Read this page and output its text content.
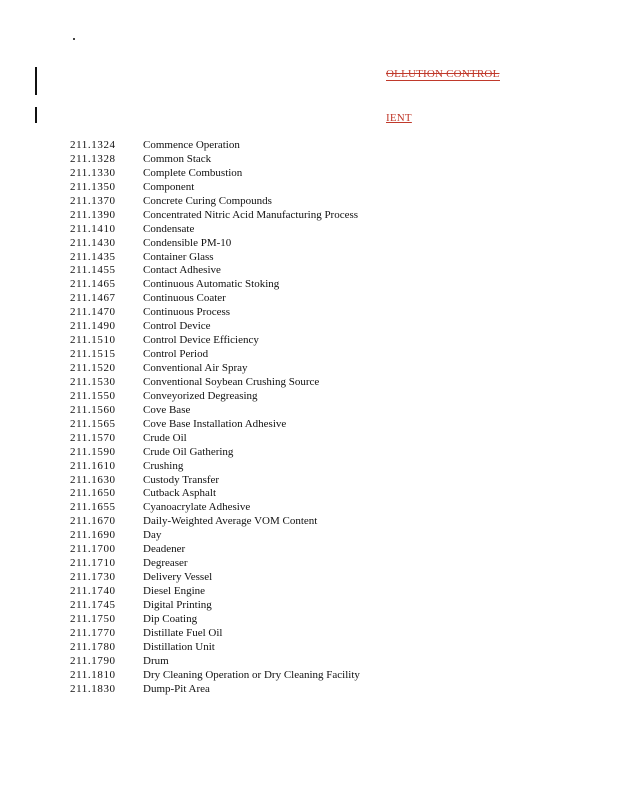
OLLUTION CONTROL
IENT
211.1324	Commence Operation
211.1328	Common Stack
211.1330	Complete Combustion
211.1350	Component
211.1370	Concrete Curing Compounds
211.1390	Concentrated Nitric Acid Manufacturing Process
211.1410	Condensate
211.1430	Condensible PM-10
211.1435	Container Glass
211.1455	Contact Adhesive
211.1465	Continuous Automatic Stoking
211.1467	Continuous Coater
211.1470	Continuous Process
211.1490	Control Device
211.1510	Control Device Efficiency
211.1515	Control Period
211.1520	Conventional Air Spray
211.1530	Conventional Soybean Crushing Source
211.1550	Conveyorized Degreasing
211.1560	Cove Base
211.1565	Cove Base Installation Adhesive
211.1570	Crude Oil
211.1590	Crude Oil Gathering
211.1610	Crushing
211.1630	Custody Transfer
211.1650	Cutback Asphalt
211.1655	Cyanoacrylate Adhesive
211.1670	Daily-Weighted Average VOM Content
211.1690	Day
211.1700	Deadener
211.1710	Degreaser
211.1730	Delivery Vessel
211.1740	Diesel Engine
211.1745	Digital Printing
211.1750	Dip Coating
211.1770	Distillate Fuel Oil
211.1780	Distillation Unit
211.1790	Drum
211.1810	Dry Cleaning Operation or Dry Cleaning Facility
211.1830	Dump-Pit Area
